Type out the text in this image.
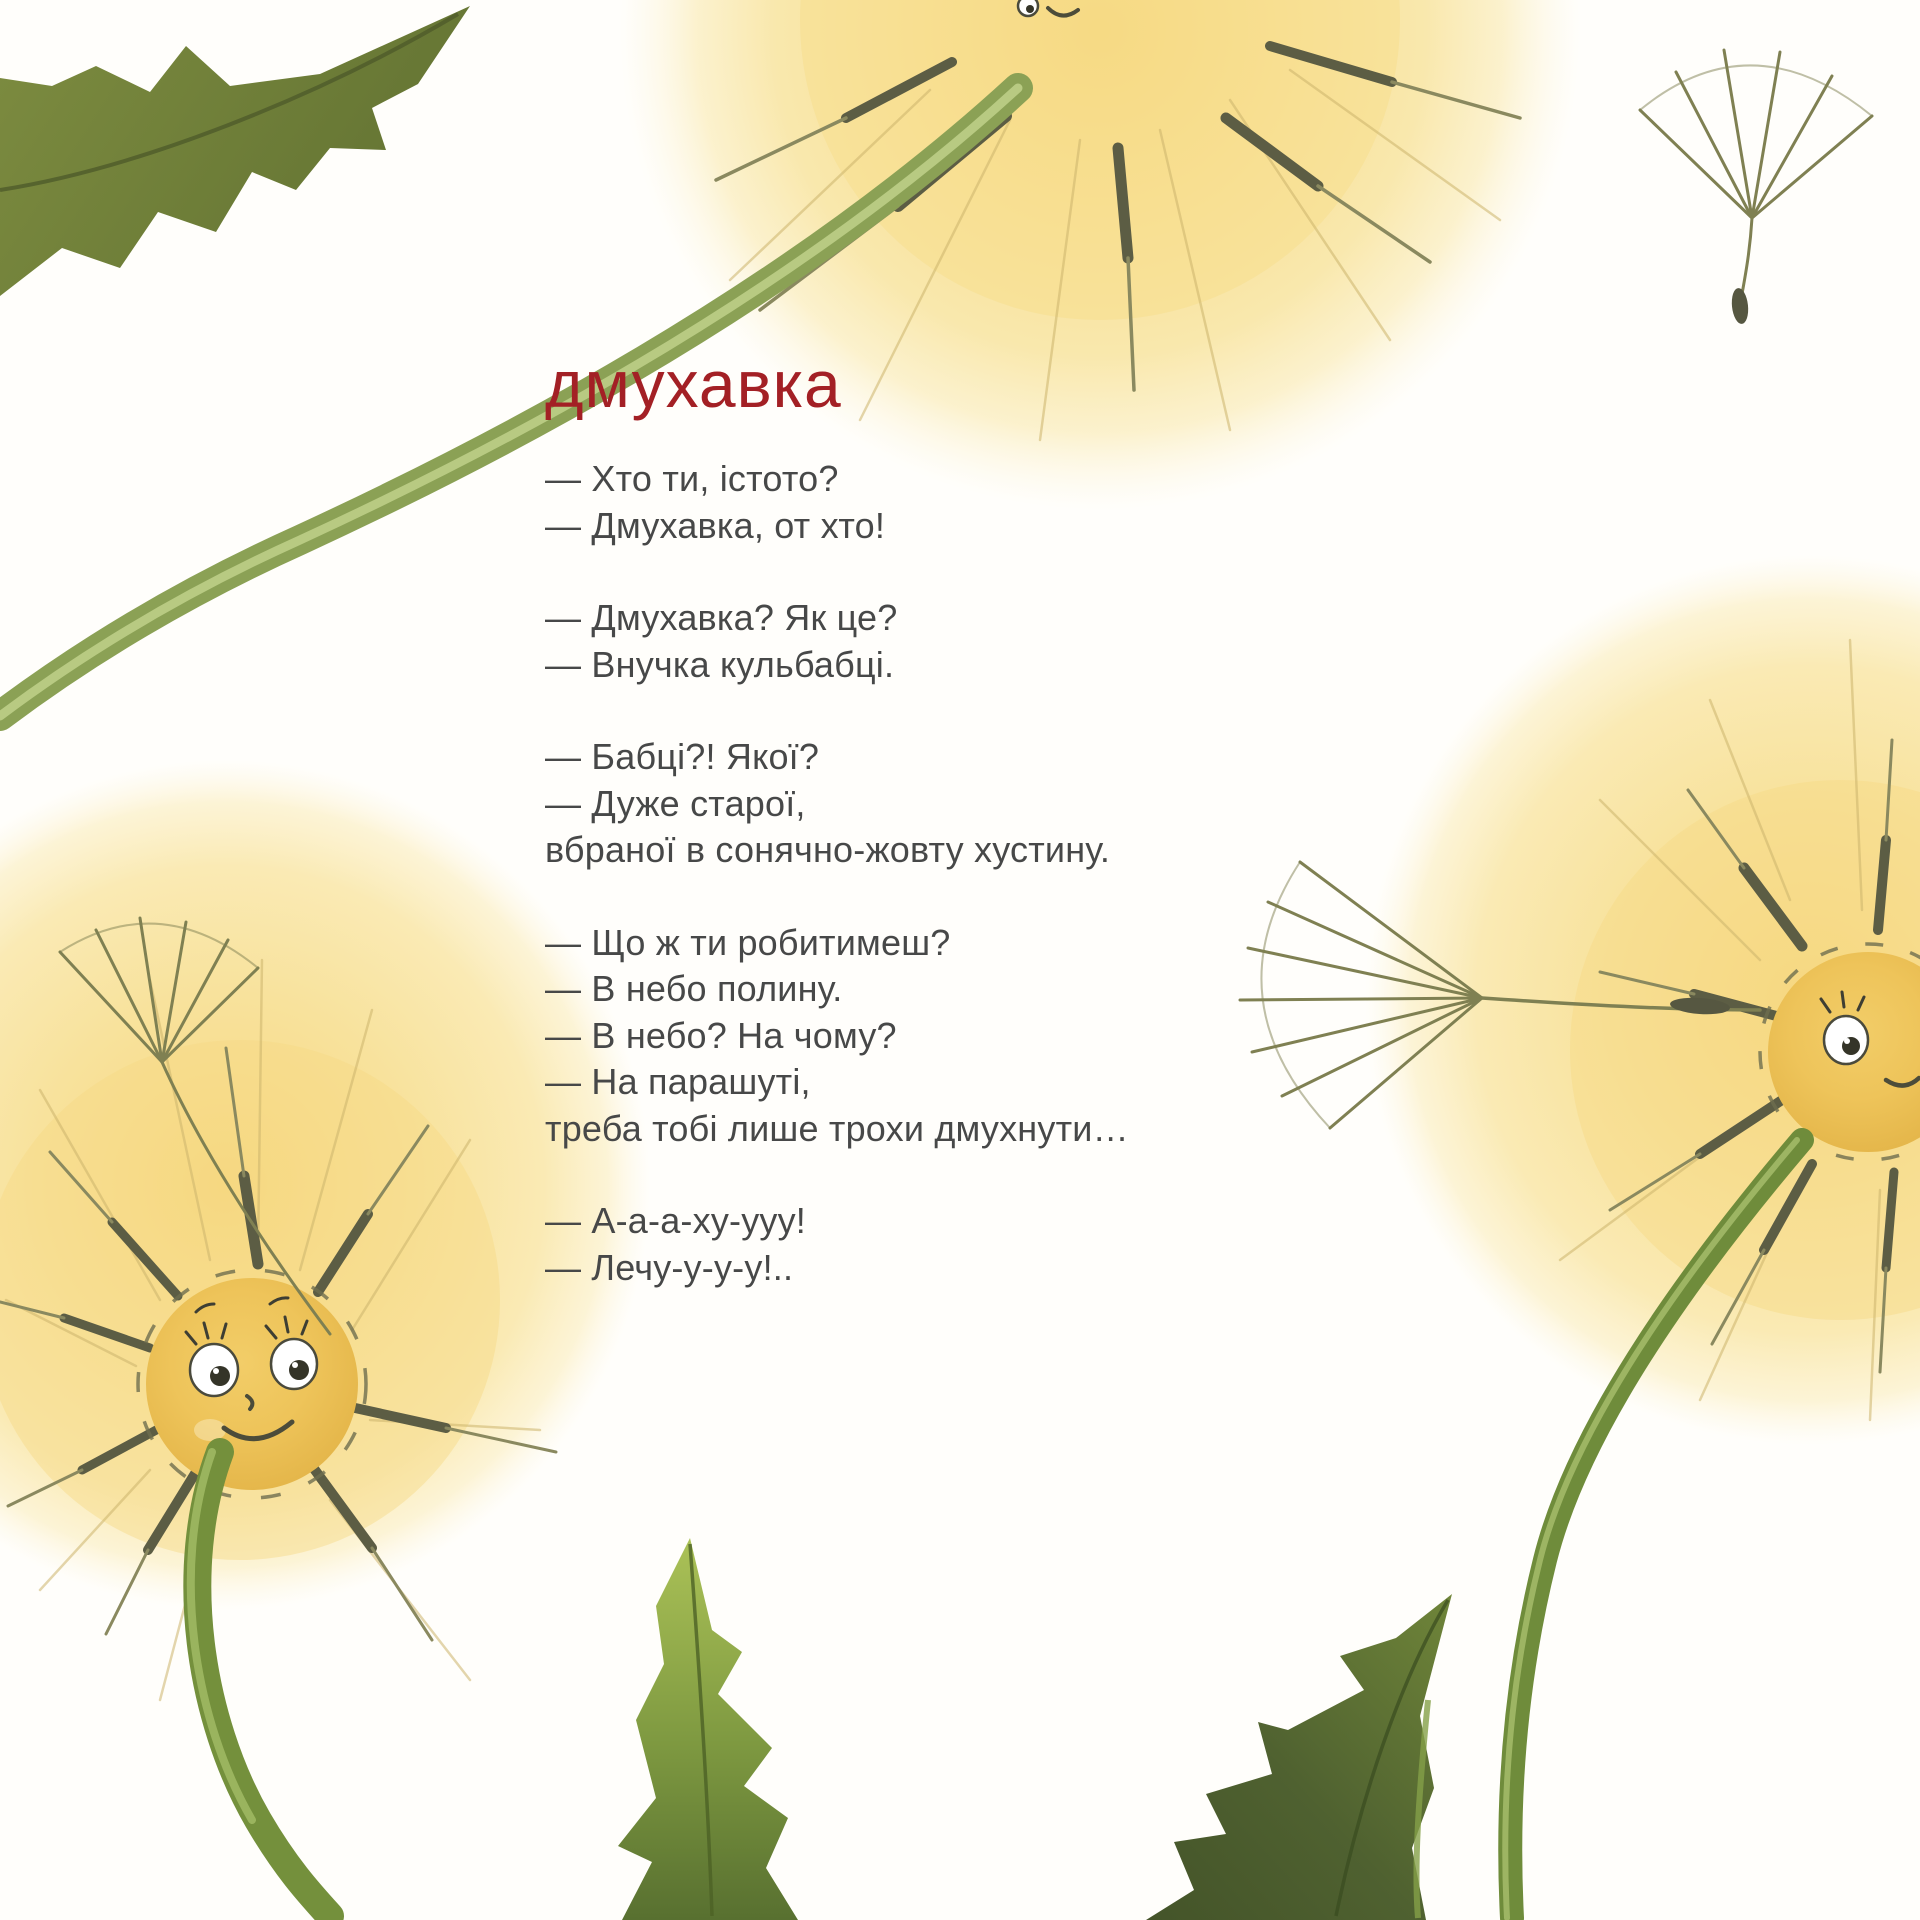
дмухавка
— Хто ти, істото?
— Дмухавка, от хто!
— Дмухавка? Як це?
— Внучка кульбабці.
— Бабці?! Якої?
— Дуже старої,
вбраної в сонячно-жовту хустину.
— Що ж ти робитимеш?
— В небо полину.
— В небо? На чому?
— На парашуті,
треба тобі лише трохи дмухнути…
— А-а-а-ху-ууу!
— Лечу-у-у-у!..
